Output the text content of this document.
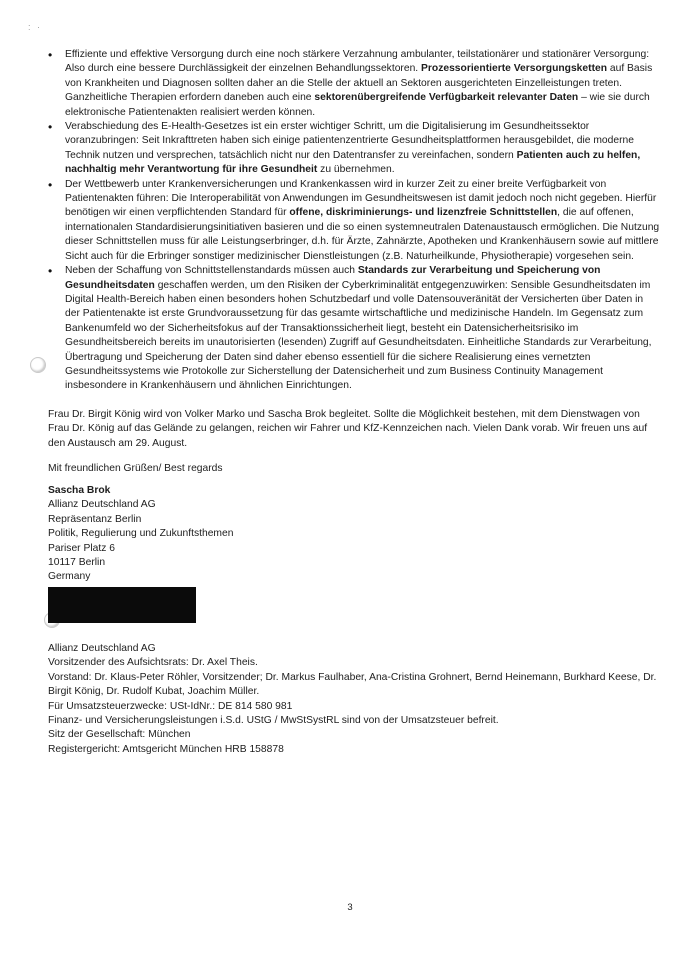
: ·
• Effiziente und effektive Versorgung durch eine noch stärkere Verzahnung ambulanter, teilstationärer und stationärer Versorgung: Also durch eine bessere Durchlässigkeit der einzelnen Behandlungssektoren. Prozessorientierte Versorgungsketten auf Basis von Krankheiten und Diagnosen sollten daher an die Stelle der aktuell an Sektoren ausgerichteten Einzelleistungen treten. Ganzheitliche Therapien erfordern daneben auch eine sektorenübergreifende Verfügbarkeit relevanter Daten – wie sie durch elektronische Patientenakten realisiert werden können.
• Verabschiedung des E-Health-Gesetzes ist ein erster wichtiger Schritt, um die Digitalisierung im Gesundheitssektor voranzubringen: Seit Inkrafttreten haben sich einige patientenzentrierte Gesundheitsplattformen herausgebildet, die moderne Technik nutzen und versprechen, tatsächlich nicht nur den Datentransfer zu vereinfachen, sondern Patienten auch zu helfen, nachhaltig mehr Verantwortung für ihre Gesundheit zu übernehmen.
• Der Wettbewerb unter Krankenversicherungen und Krankenkassen wird in kurzer Zeit zu einer breite Verfügbarkeit von Patientenakten führen: Die Interoperabilität von Anwendungen im Gesundheitswesen ist damit jedoch noch nicht gegeben. Hierfür benötigen wir einen verpflichtenden Standard für offene, diskriminierungs- und lizenzfreie Schnittstellen, die auf offenen, internationalen Standardisierungsinitiativen basieren und die so einen systemneutralen Datenaustausch ermöglichen. Die Nutzung dieser Schnittstellen muss für alle Leistungserbringer, d.h. für Ärzte, Zahnärzte, Apotheken und Krankenhäusern sowie auf mittlere Sicht auch für die Erbringer sonstiger medizinischer Dienstleistungen (z.B. Naturheilkunde, Physiotherapie) vorgesehen sein.
• Neben der Schaffung von Schnittstellenstandards müssen auch Standards zur Verarbeitung und Speicherung von Gesundheitsdaten geschaffen werden, um den Risiken der Cyberkriminalität entgegenzuwirken: Sensible Gesundheitsdaten im Digital Health-Bereich haben einen besonders hohen Schutzbedarf und volle Datensouveränität der Versicherten über Daten in der Patientenakte ist erste Grundvoraussetzung für das gesamte wirtschaftliche und medizinische Handeln. Im Gegensatz zum Bankenumfeld wo der Sicherheitsfokus auf der Transaktionssicherheit liegt, besteht ein Datensicherheitsrisiko im Gesundheitsbereich bereits im unautorisierten (lesenden) Zugriff auf Gesundheitsdaten. Einheitliche Standards zur Verarbeitung, Übertragung und Speicherung der Daten sind daher ebenso essentiell für die sichere Realisierung eines vernetzten Gesundheitssystems wie Protokolle zur Sicherstellung der Datensicherheit und zum Business Continuity Management insbesondere in Krankenhäusern und ähnlichen Einrichtungen.

Frau Dr. Birgit König wird von Volker Marko und Sascha Brok begleitet. Sollte die Möglichkeit bestehen, mit dem Dienstwagen von Frau Dr. König auf das Gelände zu gelangen, reichen wir Fahrer und KfZ-Kennzeichen nach. Vielen Dank vorab. Wir freuen uns auf den Austausch am 29. August.

Mit freundlichen Grüßen/ Best regards

Sascha Brok
Allianz Deutschland AG
Repräsentanz Berlin
Politik, Regulierung und Zukunftsthemen
Pariser Platz 6
10117 Berlin
Germany
Allianz Deutschland AG
Vorsitzender des Aufsichtsrats: Dr. Axel Theis.
Vorstand: Dr. Klaus-Peter Röhler, Vorsitzender; Dr. Markus Faulhaber, Ana-Cristina Grohnert, Bernd Heinemann, Burkhard Keese, Dr. Birgit König, Dr. Rudolf Kubat, Joachim Müller.
Für Umsatzsteuerzwecke: USt-IdNr.: DE 814 580 981
Finanz- und Versicherungsleistungen i.S.d. UStG / MwStSystRL sind von der Umsatzsteuer befreit.
Sitz der Gesellschaft: München
Registergericht: Amtsgericht München HRB 158878
3
